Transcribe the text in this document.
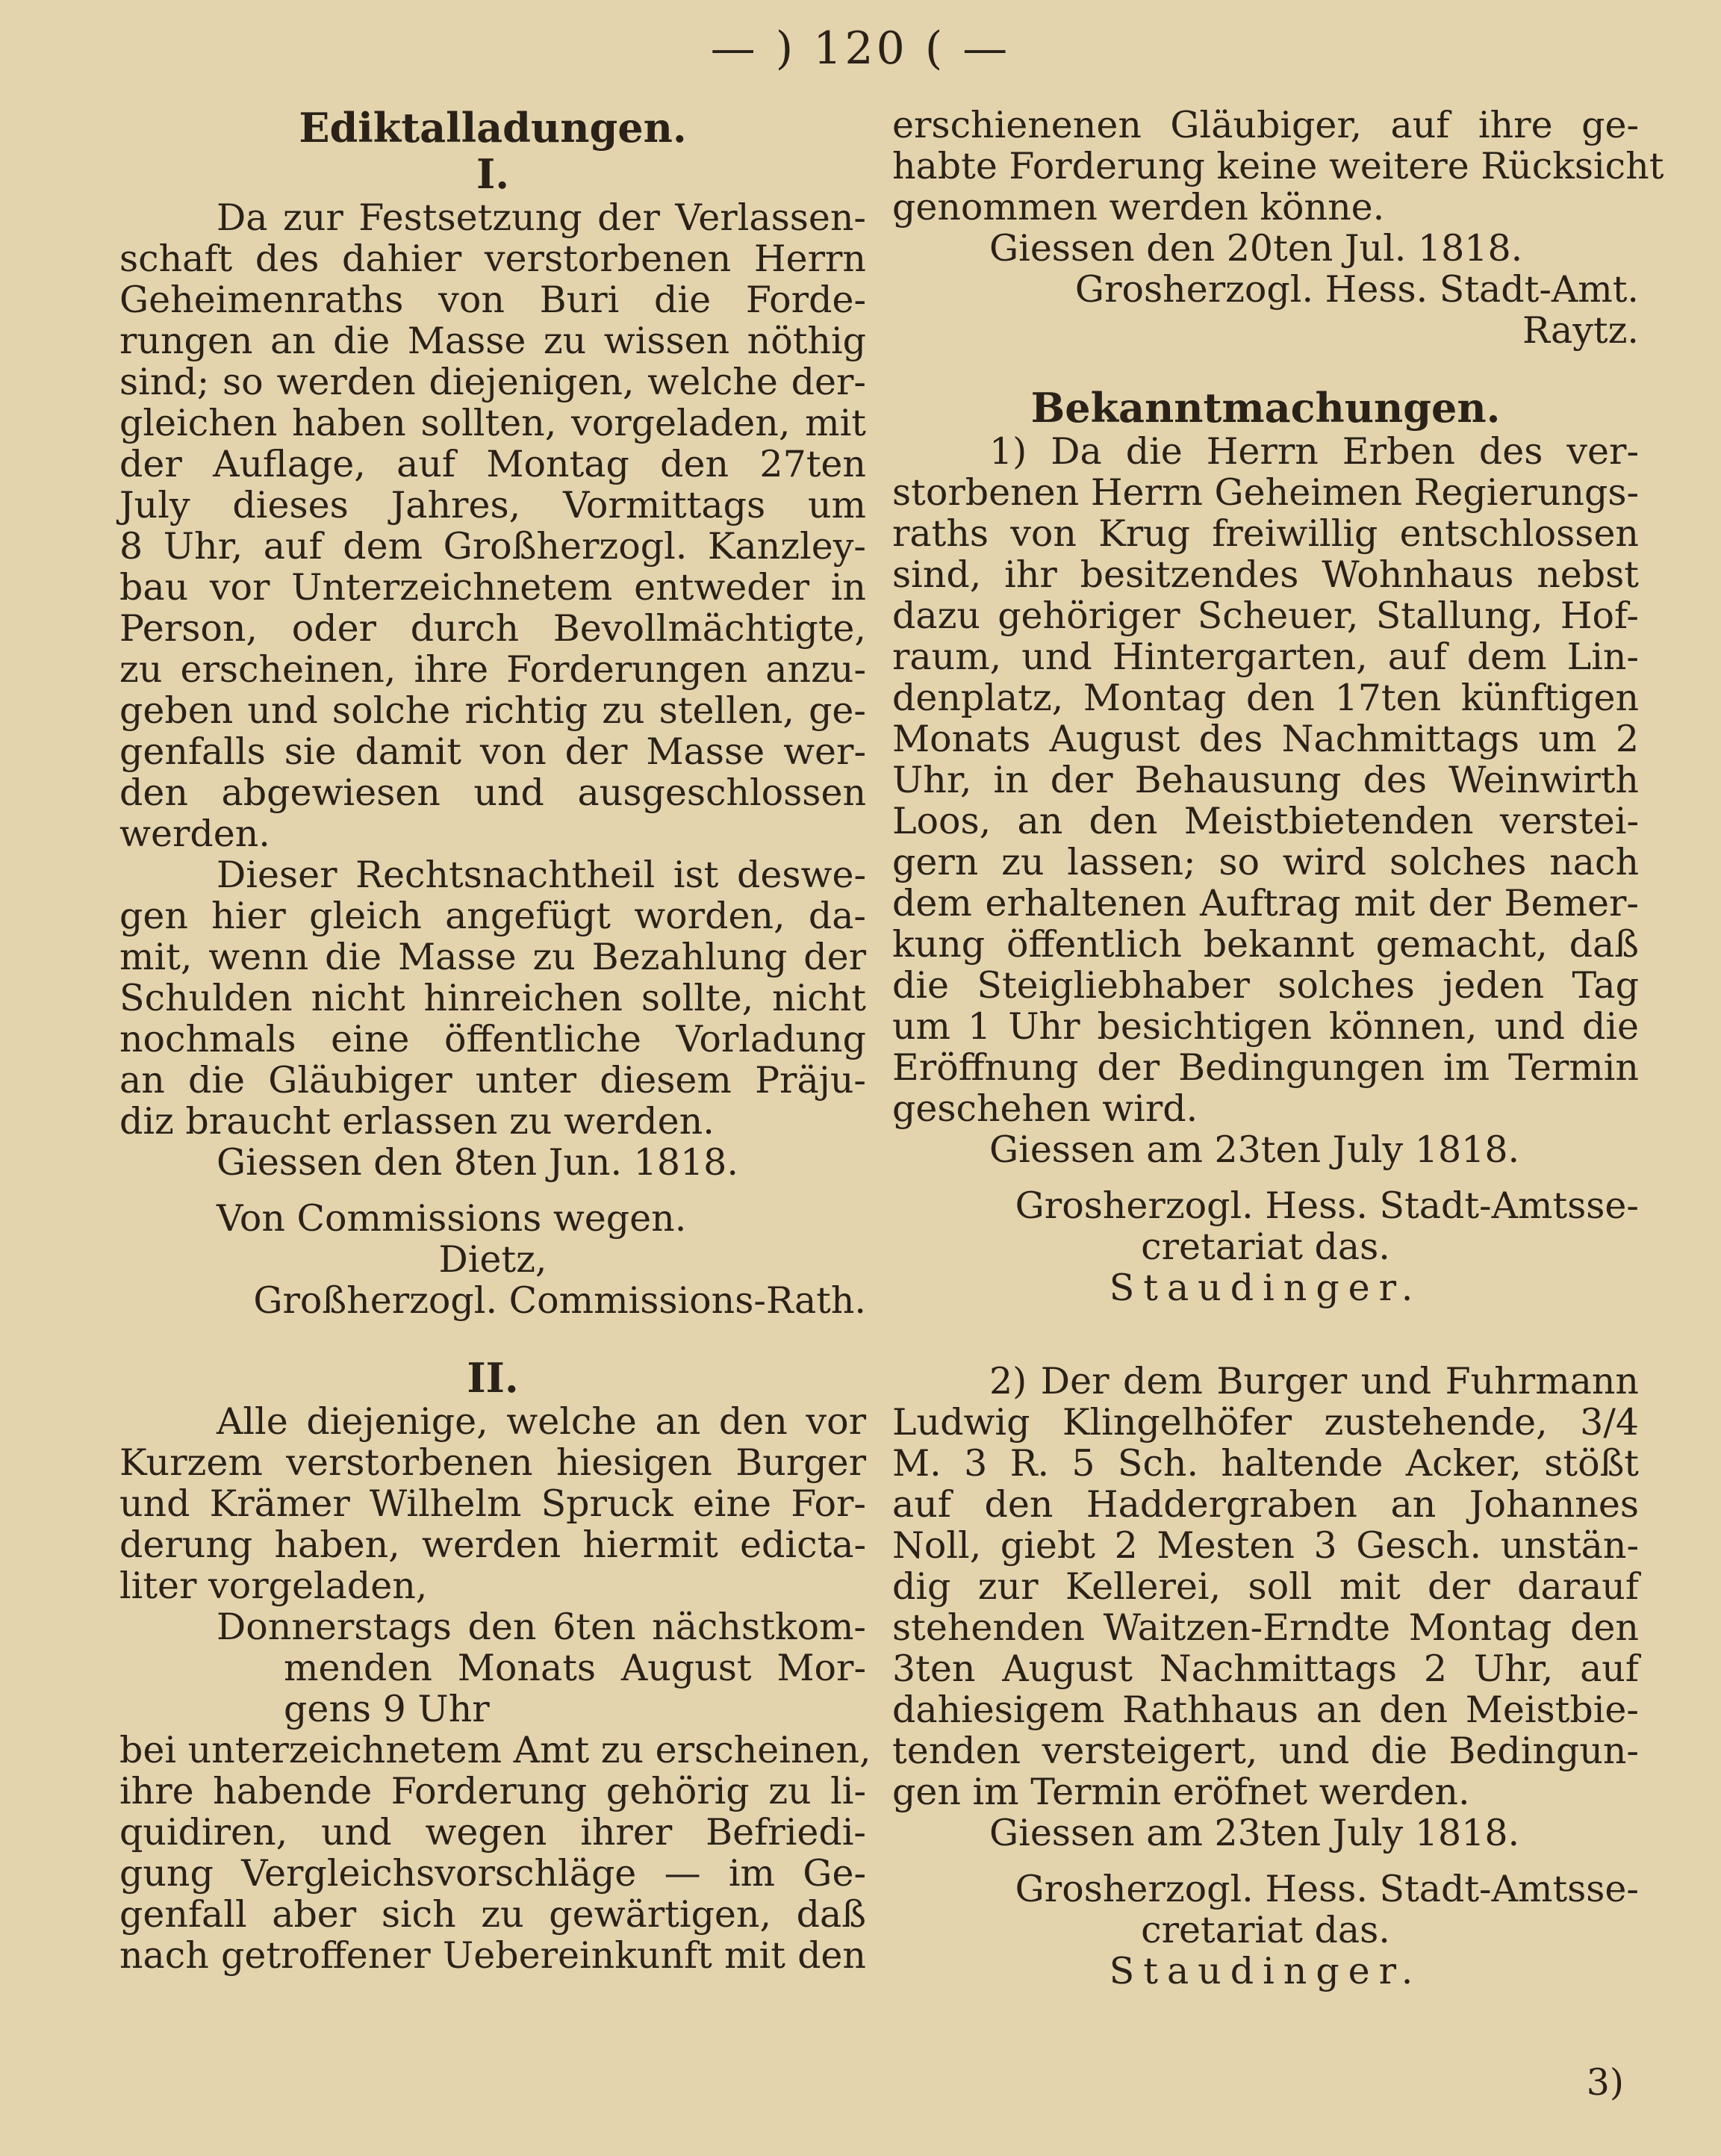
— ) 120 ( —
Ediktalladungen.
I.
Da zur Festsetzung der Verlassen-
schaft des dahier verstorbenen Herrn
Geheimenraths von Buri die Forde-
rungen an die Masse zu wissen nöthig
sind; so werden diejenigen, welche der-
gleichen haben sollten, vorgeladen, mit
der Auflage, auf Montag den 27ten
July dieses Jahres, Vormittags um
8 Uhr, auf dem Großherzogl. Kanzley-
bau vor Unterzeichnetem entweder in
Person, oder durch Bevollmächtigte,
zu erscheinen, ihre Forderungen anzu-
geben und solche richtig zu stellen, ge-
genfalls sie damit von der Masse wer-
den abgewiesen und ausgeschlossen
werden.
Dieser Rechtsnachtheil ist deswe-
gen hier gleich angefügt worden, da-
mit, wenn die Masse zu Bezahlung der
Schulden nicht hinreichen sollte, nicht
nochmals eine öffentliche Vorladung
an die Gläubiger unter diesem Präju-
diz braucht erlassen zu werden.
Giessen den 8ten Jun. 1818.
Von Commissions wegen.
Dietz,
Großherzogl. Commissions-Rath.
II.
Alle diejenige, welche an den vor
Kurzem verstorbenen hiesigen Burger
und Krämer Wilhelm Spruck eine For-
derung haben, werden hiermit edicta-
liter vorgeladen,
Donnerstags den 6ten nächstkom-
menden Monats August Mor-
gens 9 Uhr
bei unterzeichnetem Amt zu erscheinen,
ihre habende Forderung gehörig zu li-
quidiren, und wegen ihrer Befriedi-
gung Vergleichsvorschläge — im Ge-
genfall aber sich zu gewärtigen, daß
nach getroffener Uebereinkunft mit den
erschienenen Gläubiger, auf ihre ge-
habte Forderung keine weitere Rücksicht
genommen werden könne.
Giessen den 20ten Jul. 1818.
Grosherzogl. Hess. Stadt-Amt.
Raytz.
Bekanntmachungen.
1) Da die Herrn Erben des ver-
storbenen Herrn Geheimen Regierungs-
raths von Krug freiwillig entschlossen
sind, ihr besitzendes Wohnhaus nebst
dazu gehöriger Scheuer, Stallung, Hof-
raum, und Hintergarten, auf dem Lin-
denplatz, Montag den 17ten künftigen
Monats August des Nachmittags um 2
Uhr, in der Behausung des Weinwirth
Loos, an den Meistbietenden verstei-
gern zu lassen; so wird solches nach
dem erhaltenen Auftrag mit der Bemer-
kung öffentlich bekannt gemacht, daß
die Steigliebhaber solches jeden Tag
um 1 Uhr besichtigen können, und die
Eröffnung der Bedingungen im Termin
geschehen wird.
Giessen am 23ten July 1818.
Grosherzogl. Hess. Stadt-Amtsse-
cretariat das.
Staudinger.
2) Der dem Burger und Fuhrmann
Ludwig Klingelhöfer zustehende, 3/4
M. 3 R. 5 Sch. haltende Acker, stößt
auf den Haddergraben an Johannes
Noll, giebt 2 Mesten 3 Gesch. unstän-
dig zur Kellerei, soll mit der darauf
stehenden Waitzen-Erndte Montag den
3ten August Nachmittags 2 Uhr, auf
dahiesigem Rathhaus an den Meistbie-
tenden versteigert, und die Bedingun-
gen im Termin eröfnet werden.
Giessen am 23ten July 1818.
Grosherzogl. Hess. Stadt-Amtsse-
cretariat das.
Staudinger.
3)
